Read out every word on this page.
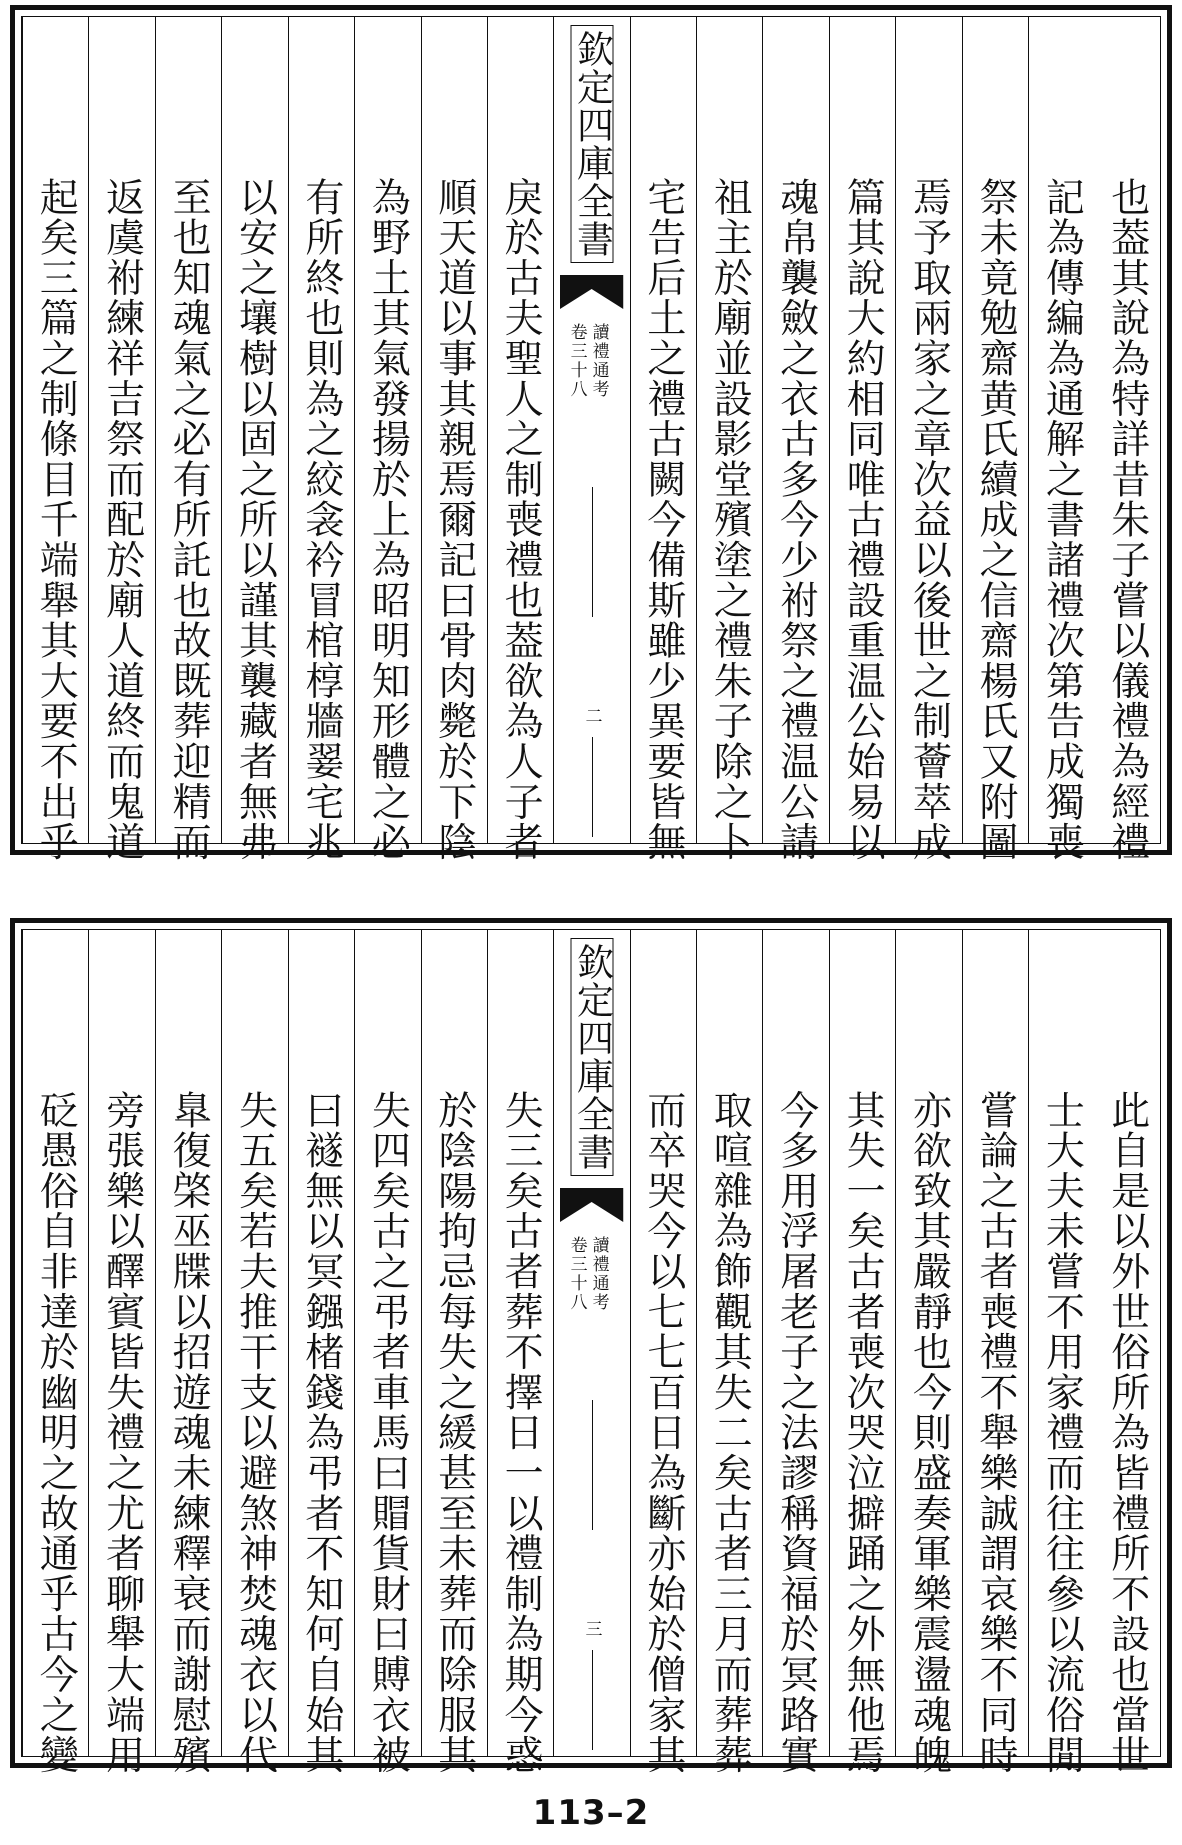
也葢其說為特詳昔朱子嘗以儀禮為經禮
記為傳編為通解之書諸禮次第告成獨喪
祭未竟勉齋黄氏續成之信齋楊氏又附圖
焉予取兩家之章次益以後世之制薈萃成
篇其說大約相同唯古禮設重温公始易以
魂帛襲斂之衣古多今少祔祭之禮温公請
祖主於廟並設影堂殯塗之禮朱子除之卜
宅告后土之禮古闕今備斯雖少異要皆無
欽定四庫全書
讀禮通考
卷三十八
二
戾於古夫聖人之制喪禮也葢欲為人子者
順天道以事其親焉爾記曰骨肉斃於下陰
為野土其氣發揚於上為昭明知形體之必
有所終也則為之絞衾衿冒棺椁牆翣宅兆
以安之壤樹以固之所以謹其襲藏者無弗
至也知魂氣之必有所託也故既葬迎精而
返虞祔練祥吉祭而配於廟人道終而鬼道
起矣三篇之制條目千端舉其大要不出乎
此自是以外世俗所為皆禮所不設也當世
士大夫未嘗不用家禮而往往參以流俗閒
嘗論之古者喪禮不舉樂誠謂哀樂不同時
亦欲致其嚴靜也今則盛奏軍樂震盪魂魄
其失一矣古者喪次哭泣擗踊之外無他焉
今多用浮屠老子之法謬稱資福於冥路實
取喧雜為飾觀其失二矣古者三月而葬葬
而卒哭今以七七百日為斷亦始於僧家其
欽定四庫全書
讀禮通考
卷三十八
三
失三矣古者葬不擇日一以禮制為期今惑
於陰陽拘忌每失之緩甚至未葬而除服其
失四矣古之弔者車馬曰賵貨財曰賻衣被
曰襚無以冥鏹楮錢為弔者不知何自始其
失五矣若夫推干支以避煞神焚魂衣以代
臯復棨巫牒以招遊魂未練釋衰而謝慰殯
旁張樂以醳賓皆失禮之尤者聊舉大端用
砭愚俗自非達於幽明之故通乎古今之變
113–2
